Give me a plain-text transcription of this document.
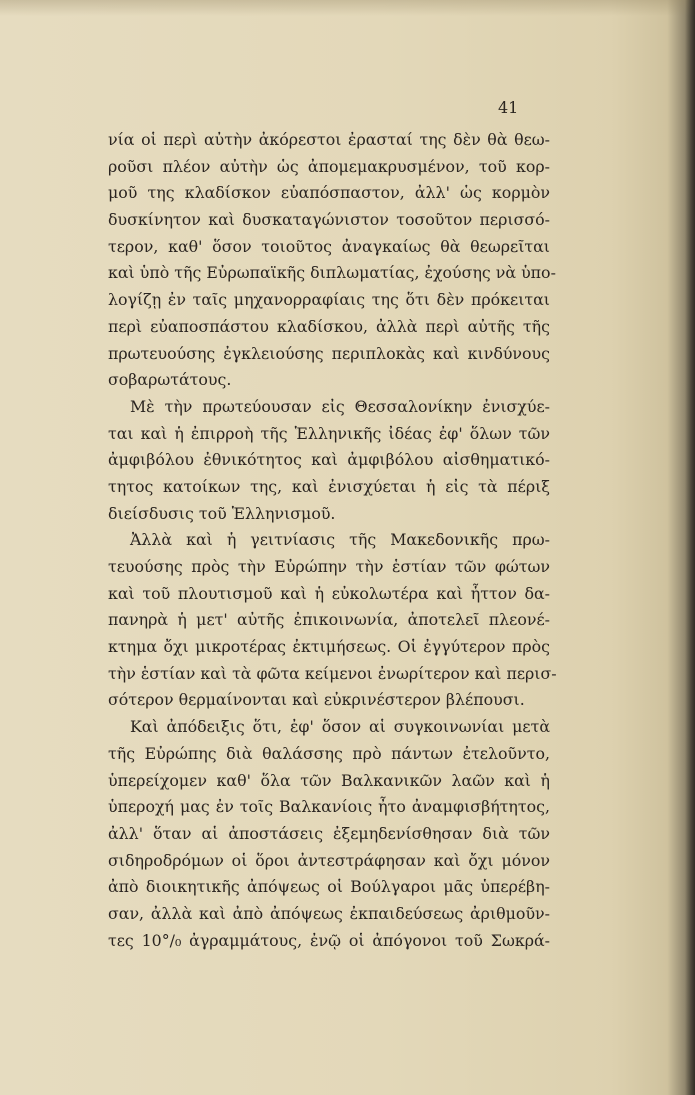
41
νία οἱ περὶ αὐτὴν ἀκόρεστοι ἐρασταί της δὲν θὰ θεω-
ροῦσι πλέον αὐτὴν ὡς ἀπομεμακρυσμένον, τοῦ κορ-
μοῦ της κλαδίσκον εὐαπόσπαστον, ἀλλ' ὡς κορμὸν
δυσκίνητον καὶ δυσκαταγώνιστον τοσοῦτον περισσό-
τερον, καθ' ὅσον τοιοῦτος ἀναγκαίως θὰ θεωρεῖται
καὶ ὑπὸ τῆς Εὐρωπαϊκῆς διπλωματίας, ἐχούσης νὰ ὑπο-
λογίζῃ ἐν ταῖς μηχανορραφίαις της ὅτι δὲν πρόκειται
περὶ εὐαποσπάστου κλαδίσκου, ἀλλὰ περὶ αὐτῆς τῆς
πρωτευούσης ἐγκλειούσης περιπλοκὰς καὶ κινδύνους
σοβαρωτάτους.
Μὲ τὴν πρωτεύουσαν εἰς Θεσσαλονίκην ἐνισχύε-
ται καὶ ἡ ἐπιρροὴ τῆς Ἑλληνικῆς ἰδέας ἐφ' ὅλων τῶν
ἀμφιβόλου ἐθνικότητος καὶ ἀμφιβόλου αἰσθηματικό-
τητος κατοίκων της, καὶ ἐνισχύεται ἡ εἰς τὰ πέριξ
διείσδυσις τοῦ Ἑλληνισμοῦ.
Ἀλλὰ καὶ ἡ γειτνίασις τῆς Μακεδονικῆς πρω-
τευούσης πρὸς τὴν Εὐρώπην τὴν ἑστίαν τῶν φώτων
καὶ τοῦ πλουτισμοῦ καὶ ἡ εὐκολωτέρα καὶ ἧττον δα-
πανηρὰ ἡ μετ' αὐτῆς ἐπικοινωνία, ἀποτελεῖ πλεονέ-
κτημα ὄχι μικροτέρας ἐκτιμήσεως. Οἱ ἐγγύτερον πρὸς
τὴν ἑστίαν καὶ τὰ φῶτα κείμενοι ἐνωρίτερον καὶ περισ-
σότερον θερμαίνονται καὶ εὐκρινέστερον βλέπουσι.
Καὶ ἀπόδειξις ὅτι, ἐφ' ὅσον αἱ συγκοινωνίαι μετὰ
τῆς Εὐρώπης διὰ θαλάσσης πρὸ πάντων ἐτελοῦντο,
ὑπερείχομεν καθ' ὅλα τῶν Βαλκανικῶν λαῶν καὶ ἡ
ὑπεροχή μας ἐν τοῖς Βαλκανίοις ἦτο ἀναμφισβήτητος,
ἀλλ' ὅταν αἱ ἀποστάσεις ἐξεμηδενίσθησαν διὰ τῶν
σιδηροδρόμων οἱ ὅροι ἀντεστράφησαν καὶ ὄχι μόνον
ἀπὸ διοικητικῆς ἀπόψεως οἱ Βούλγαροι μᾶς ὑπερέβη-
σαν, ἀλλὰ καὶ ἀπὸ ἀπόψεως ἐκπαιδεύσεως ἀριθμοῦν-
τες 10°/₀ ἀγραμμάτους, ἐνῷ οἱ ἀπόγονοι τοῦ Σωκρά-
